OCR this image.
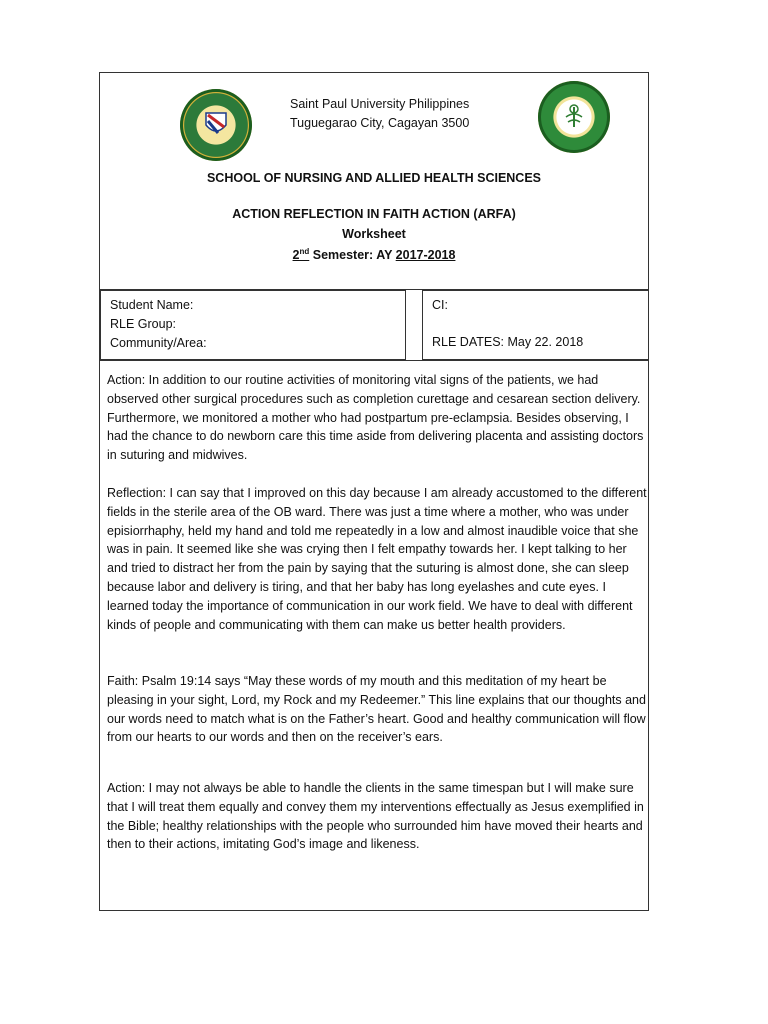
Saint Paul University Philippines
Tuguegarao City, Cagayan 3500
SCHOOL OF NURSING AND ALLIED HEALTH SCIENCES
ACTION REFLECTION IN FAITH ACTION (ARFA)
Worksheet
2nd Semester: AY 2017-2018
Student Name:
RLE Group:
Community/Area:
CI:
RLE DATES: May 22. 2018

Action: In addition to our routine activities of monitoring vital signs of the patients, we had observed other surgical procedures such as completion curettage and cesarean section delivery. Furthermore, we monitored a mother who had postpartum pre-eclampsia. Besides observing, I had the chance to do newborn care this time aside from delivering placenta and assisting doctors in suturing and midwives.

Reflection: I can say that I improved on this day because I am already accustomed to the different fields in the sterile area of the OB ward. There was just a time where a mother, who was under episiorrhaphy, held my hand and told me repeatedly in a low and almost inaudible voice that she was in pain. It seemed like she was crying then I felt empathy towards her. I kept talking to her and tried to distract her from the pain by saying that the suturing is almost done, she can sleep because labor and delivery is tiring, and that her baby has long eyelashes and cute eyes. I learned today the importance of communication in our work field. We have to deal with different kinds of people and communicating with them can make us better health providers.

Faith: Psalm 19:14 says “May these words of my mouth and this meditation of my heart be pleasing in your sight, Lord, my Rock and my Redeemer.” This line explains that our thoughts and our words need to match what is on the Father’s heart. Good and healthy communication will flow from our hearts to our words and then on the receiver’s ears.

Action: I may not always be able to handle the clients in the same timespan but I will make sure that I will treat them equally and convey them my interventions effectually as Jesus exemplified in the Bible; healthy relationships with the people who surrounded him have moved their hearts and then to their actions, imitating God’s image and likeness.
